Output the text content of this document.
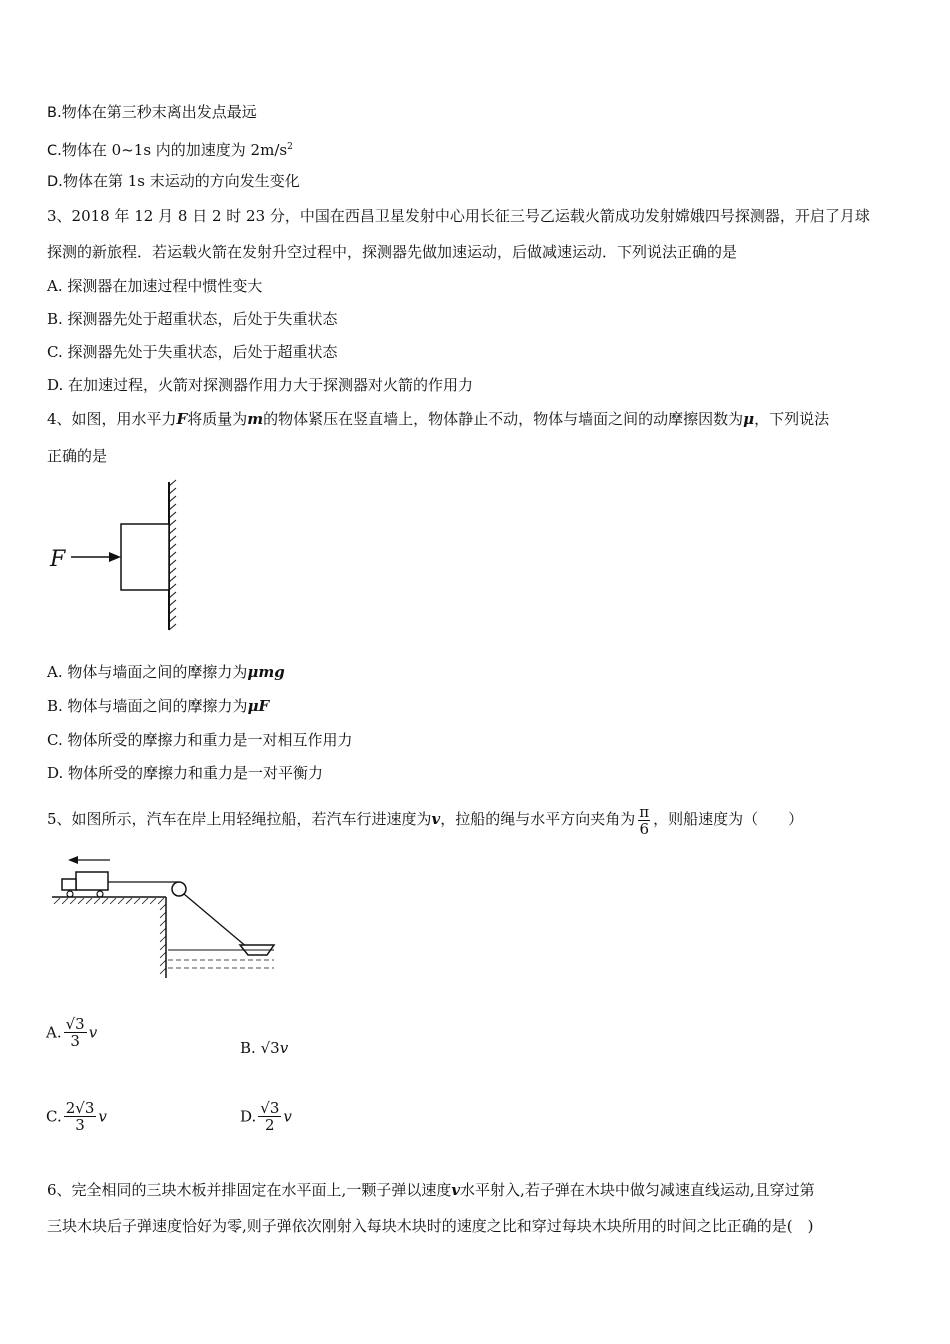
B.物体在第三秒末离出发点最远
C.物体在 0~1s 内的加速度为 $2m/s^2$
D.物体在第 1s 末运动的方向发生变化
3、2018 年 12 月 8 日 2 时 23 分，中国在西昌卫星发射中心用长征三号乙运载火箭成功发射嫦娥四号探测器，开启了月球
探测的新旅程．若运载火箭在发射升空过程中，探测器先做加速运动，后做减速运动．下列说法正确的是
A. 探测器在加速过程中惯性变大
B. 探测器先处于超重状态，后处于失重状态
C. 探测器先处于失重状态，后处于超重状态
D. 在加速过程，火箭对探测器作用力大于探测器对火箭的作用力
4、如图，用水平力F将质量为m的物体紧压在竖直墙上，物体静止不动，物体与墙面之间的动摩擦因数为μ，下列说法
正确的是
F
A. 物体与墙面之间的摩擦力为μmg
B. 物体与墙面之间的摩擦力为μF
C. 物体所受的摩擦力和重力是一对相互作用力
D. 物体所受的摩擦力和重力是一对平衡力
5、如图所示，汽车在岸上用轻绳拉船，若汽车行进速度为v，拉船的绳与水平方向夹角为 $\frac{\pi}{6}$ ，则船速度为（　　）
A. $\frac{√3}{3}$ v
B. √3v
C. $\frac{2√3}{3}$ v	D. $\frac{√3}{2}$ v
6、完全相同的三块木板并排固定在水平面上,一颗子弹以速度v水平射入,若子弹在木块中做匀减速直线运动,且穿过第
三块木块后子弹速度恰好为零,则子弹依次刚射入每块木块时的速度之比和穿过每块木块所用的时间之比正确的是(　)
